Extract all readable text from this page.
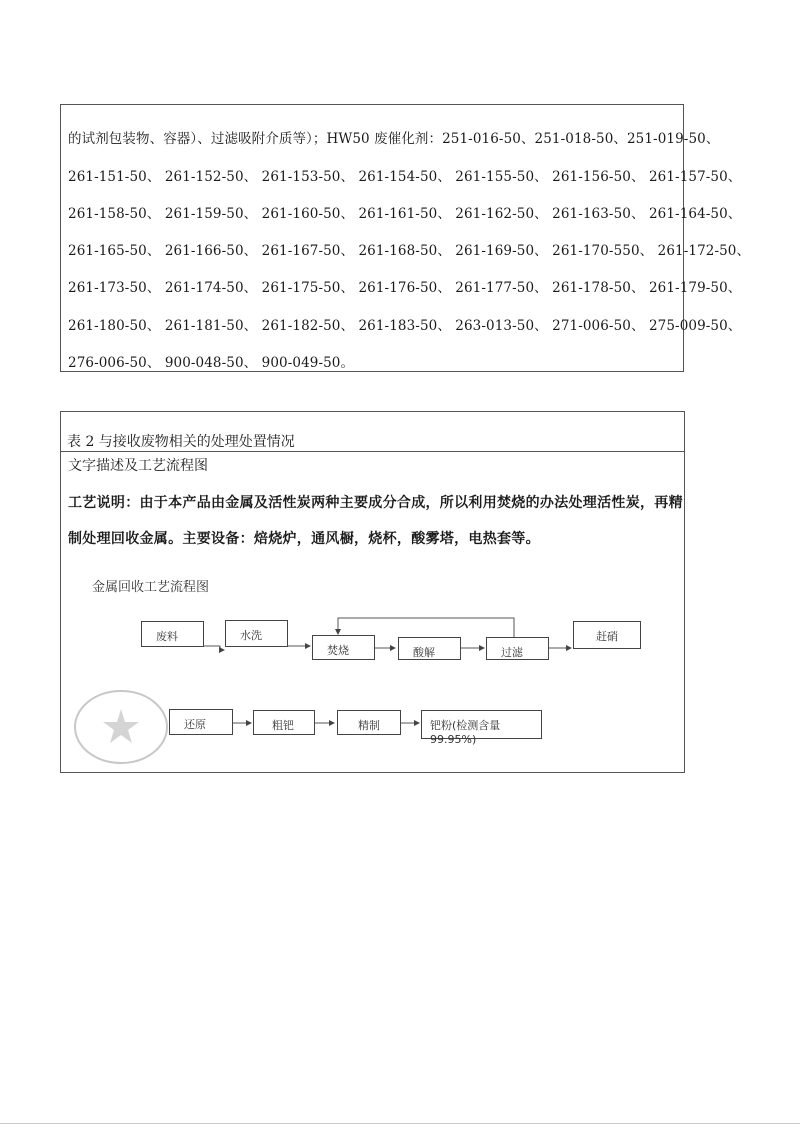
的试剂包装物、容器）、过滤吸附介质等）；HW50 废催化剂：251-016-50、251-018-50、251-019-50、
261-151-50、 261-152-50、 261-153-50、 261-154-50、 261-155-50、 261-156-50、 261-157-50、
261-158-50、 261-159-50、 261-160-50、 261-161-50、 261-162-50、 261-163-50、 261-164-50、
261-165-50、 261-166-50、 261-167-50、 261-168-50、 261-169-50、 261-170-550、 261-172-50、
261-173-50、 261-174-50、 261-175-50、 261-176-50、 261-177-50、 261-178-50、 261-179-50、
261-180-50、 261-181-50、 261-182-50、 261-183-50、 263-013-50、 271-006-50、 275-009-50、
276-006-50、 900-048-50、 900-049-50。
表 2 与接收废物相关的处理处置情况
文字描述及工艺流程图
工艺说明：由于本产品由金属及活性炭两种主要成分合成，所以利用焚烧的办法处理活性炭，再精
制处理回收金属。主要设备：焙烧炉，通风橱，烧杯，酸雾塔，电热套等。
金属回收工艺流程图
废料	水洗
焚烧	酸解	过滤
赶硝
还原	粗钯	精制	钯粉(检测含量99.95%)
